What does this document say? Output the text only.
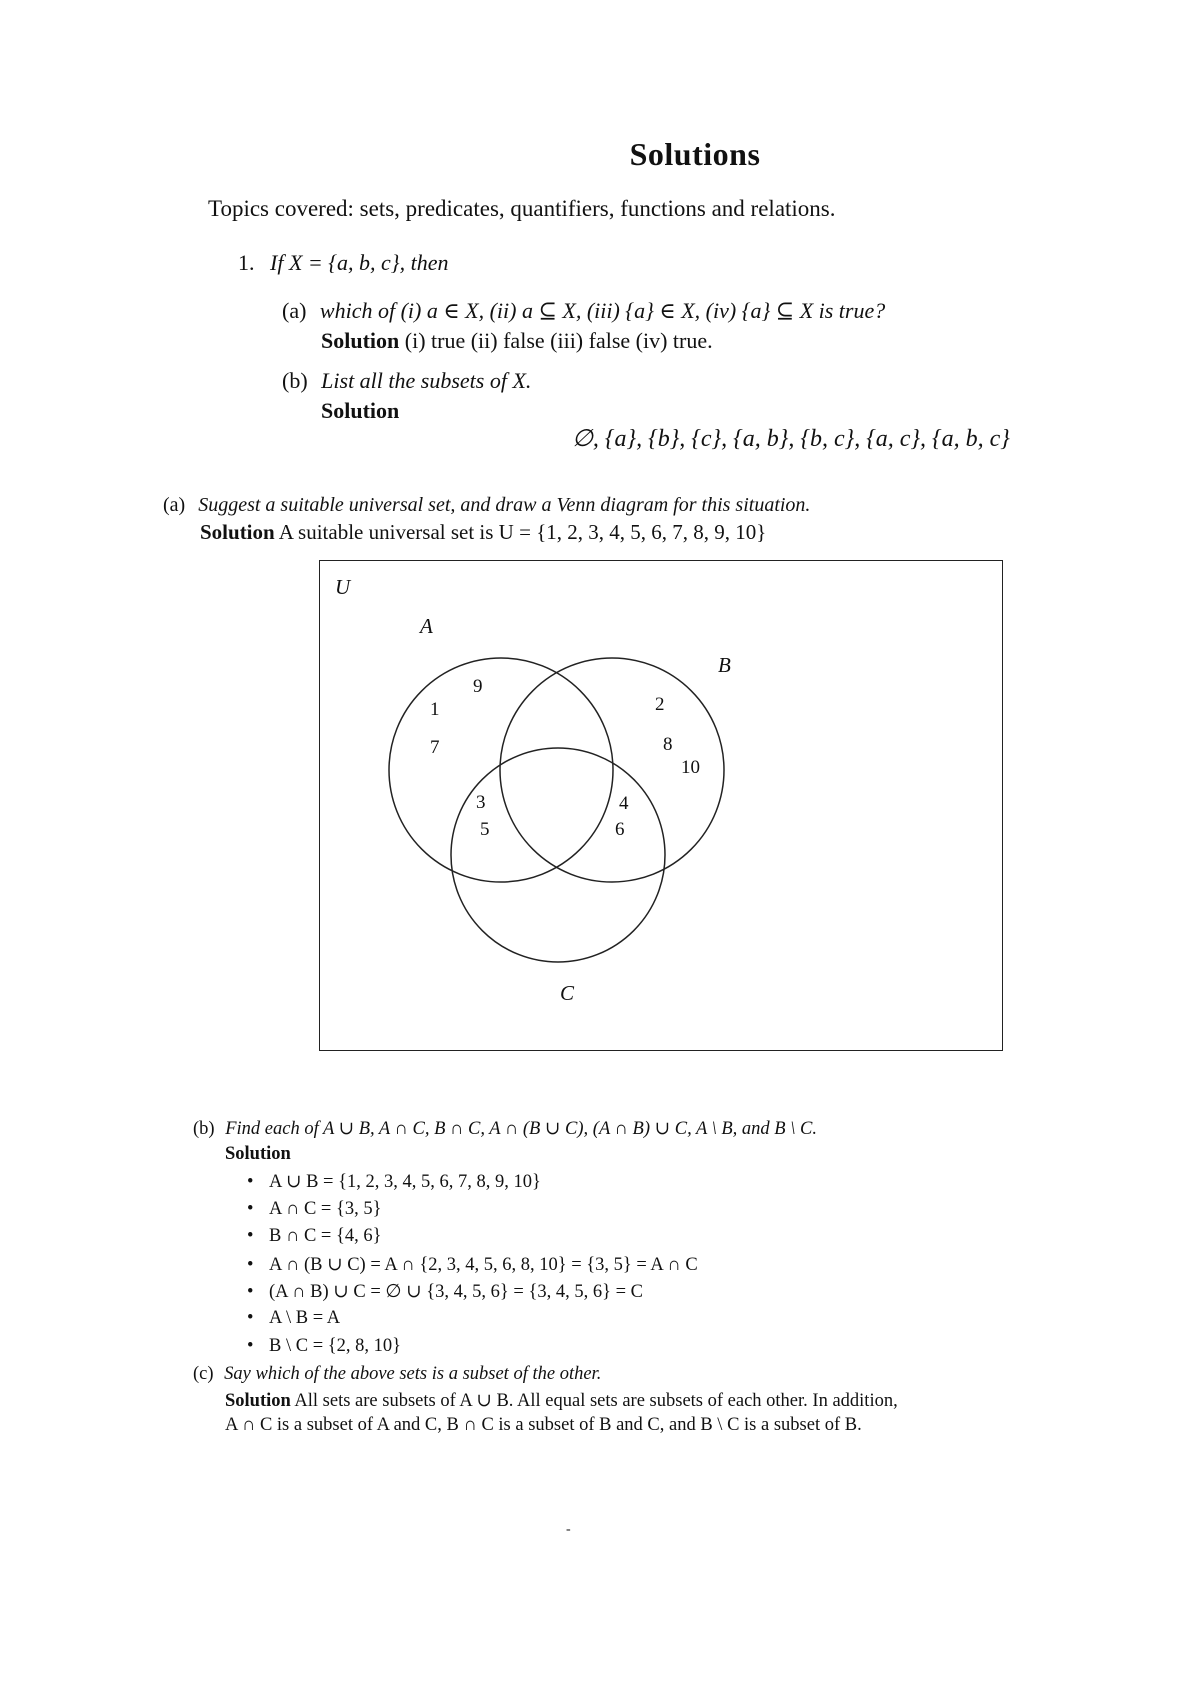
Solutions
Topics covered: sets, predicates, quantifiers, functions and relations.
1. If X = {a, b, c}, then
(a) which of (i) a ∈ X, (ii) a ⊆ X, (iii) {a} ∈ X, (iv) {a} ⊆ X is true?
Solution (i) true (ii) false (iii) false (iv) true.
(b) List all the subsets of X.
Solution
∅, {a}, {b}, {c}, {a, b}, {b, c}, {a, c}, {a, b, c}
(a) Suggest a suitable universal set, and draw a Venn diagram for this situation.
Solution A suitable universal set is U = {1, 2, 3, 4, 5, 6, 7, 8, 9, 10}
U
A
B
C
9
1
7
2
8
10
3
5
4
6
(b) Find each of A ∪ B, A ∩ C, B ∩ C, A ∩ (B ∪ C), (A ∩ B) ∪ C, A \ B, and B \ C.
Solution
• A ∪ B = {1, 2, 3, 4, 5, 6, 7, 8, 9, 10}
• A ∩ C = {3, 5}
• B ∩ C = {4, 6}
• A ∩ (B ∪ C) = A ∩ {2, 3, 4, 5, 6, 8, 10} = {3, 5} = A ∩ C
• (A ∩ B) ∪ C = ∅ ∪ {3, 4, 5, 6} = {3, 4, 5, 6} = C
• A \ B = A
• B \ C = {2, 8, 10}
(c) Say which of the above sets is a subset of the other.
Solution All sets are subsets of A ∪ B. All equal sets are subsets of each other. In addition,
A ∩ C is a subset of A and C, B ∩ C is a subset of B and C, and B \ C is a subset of B.
-
